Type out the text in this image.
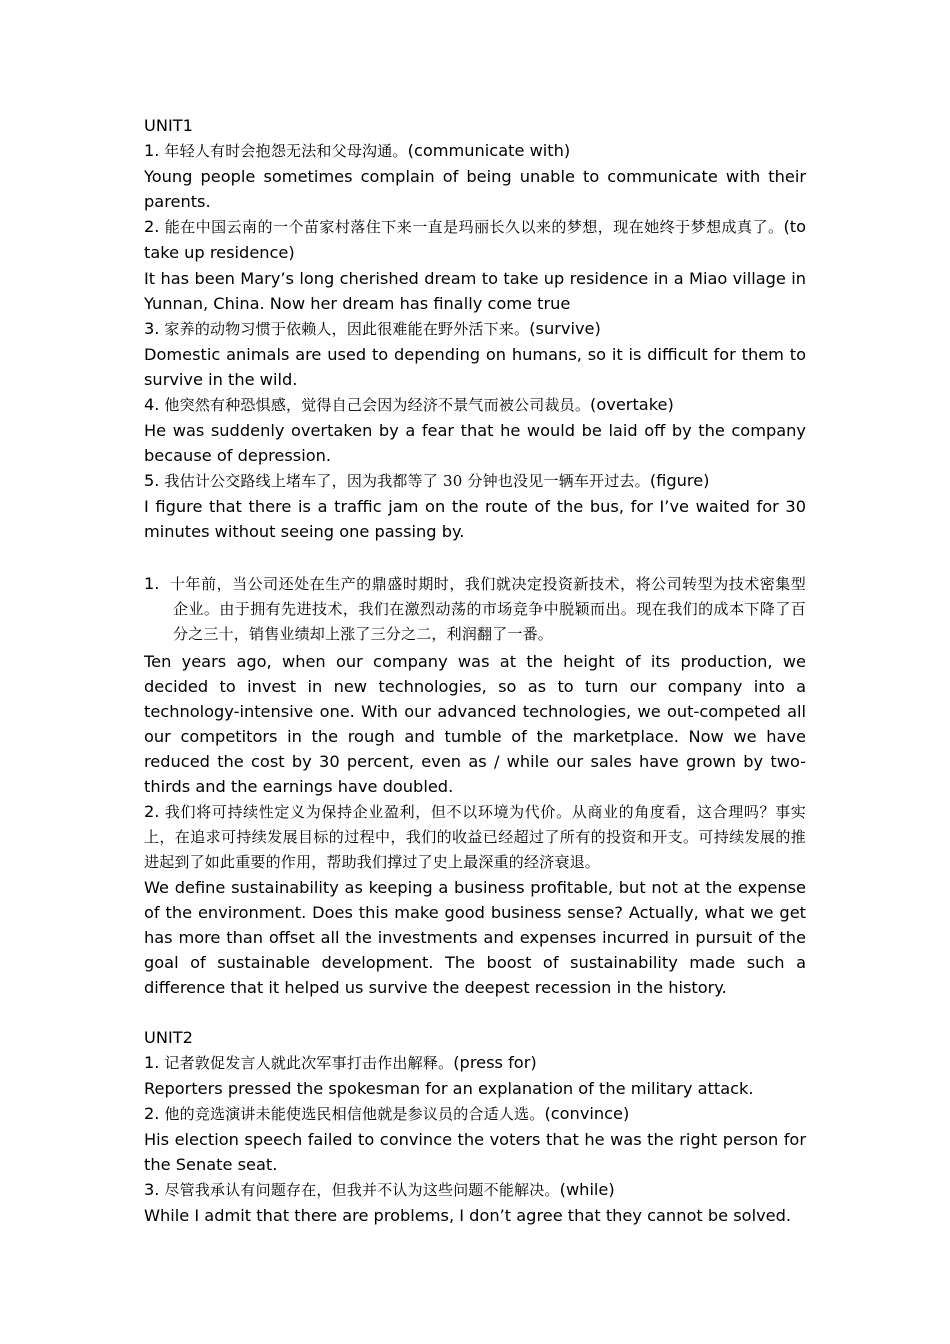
UNIT1
1. 年轻人有时会抱怨无法和父母沟通。(communicate with)
Young people sometimes complain of being unable to communicate with their parents.
2. 能在中国云南的一个苗家村落住下来一直是玛丽长久以来的梦想，现在她终于梦想成真了。(to take up residence)
It has been Mary’s long cherished dream to take up residence in a Miao village in Yunnan, China. Now her dream has finally come true
3. 家养的动物习惯于依赖人，因此很难能在野外活下来。(survive)
Domestic animals are used to depending on humans, so it is difficult for them to survive in the wild.
4. 他突然有种恐惧感，觉得自己会因为经济不景气而被公司裁员。(overtake)
He was suddenly overtaken by a fear that he would be laid off by the company because of depression.
5. 我估计公交路线上堵车了，因为我都等了 30 分钟也没见一辆车开过去。(figure)
I figure that there is a traffic jam on the route of the bus, for I’ve waited for 30 minutes without seeing one passing by.
1. 十年前，当公司还处在生产的鼎盛时期时，我们就决定投资新技术，将公司转型为技术密集型企业。由于拥有先进技术，我们在激烈动荡的市场竞争中脱颖而出。现在我们的成本下降了百分之三十，销售业绩却上涨了三分之二，利润翻了一番。
Ten years ago, when our company was at the height of its production, we decided to invest in new technologies, so as to turn our company into a technology-intensive one. With our advanced technologies, we out-competed all our competitors in the rough and tumble of the marketplace. Now we have reduced the cost by 30 percent, even as / while our sales have grown by two-thirds and the earnings have doubled.
2. 我们将可持续性定义为保持企业盈利，但不以环境为代价。从商业的角度看，这合理吗？事实上，在追求可持续发展目标的过程中，我们的收益已经超过了所有的投资和开支。可持续发展的推进起到了如此重要的作用，帮助我们撑过了史上最深重的经济衰退。
We define sustainability as keeping a business profitable, but not at the expense of the environment. Does this make good business sense? Actually, what we get has more than offset all the investments and expenses incurred in pursuit of the goal of sustainable development. The boost of sustainability made such a difference that it helped us survive the deepest recession in the history.
UNIT2
1. 记者敦促发言人就此次军事打击作出解释。(press for)
Reporters pressed the spokesman for an explanation of the military attack.
2. 他的竞选演讲未能使选民相信他就是参议员的合适人选。(convince)
His election speech failed to convince the voters that he was the right person for the Senate seat.
3. 尽管我承认有问题存在，但我并不认为这些问题不能解决。(while)
While I admit that there are problems, I don’t agree that they cannot be solved.
